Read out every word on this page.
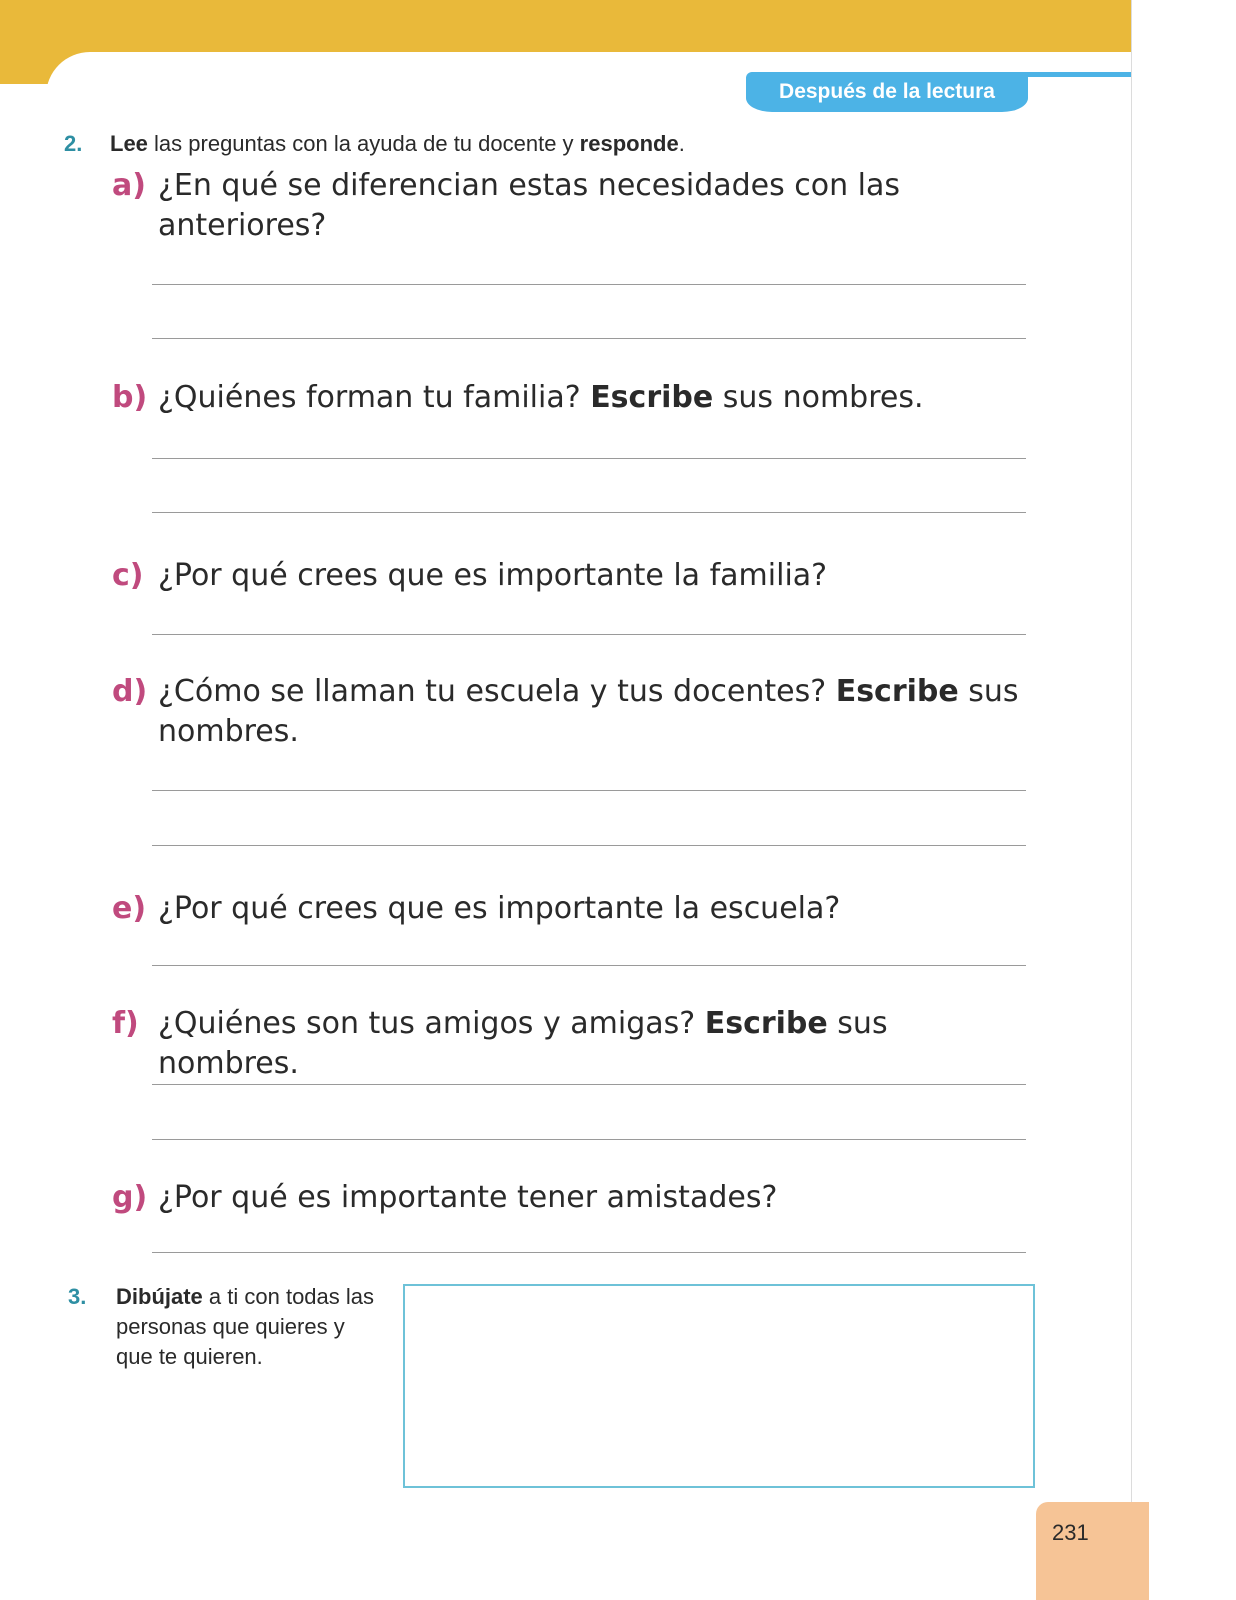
Después de la lectura
2. Lee las preguntas con la ayuda de tu docente y responde.
a) ¿En qué se diferencian estas necesidades con las anteriores?
b) ¿Quiénes forman tu familia? Escribe sus nombres.
c) ¿Por qué crees que es importante la familia?
d) ¿Cómo se llaman tu escuela y tus docentes? Escribe sus nombres.
e) ¿Por qué crees que es importante la escuela?
f) ¿Quiénes son tus amigos y amigas? Escribe sus nombres.
g) ¿Por qué es importante tener amistades?
3. Dibújate a ti con todas las personas que quieres y que te quieren.
231
